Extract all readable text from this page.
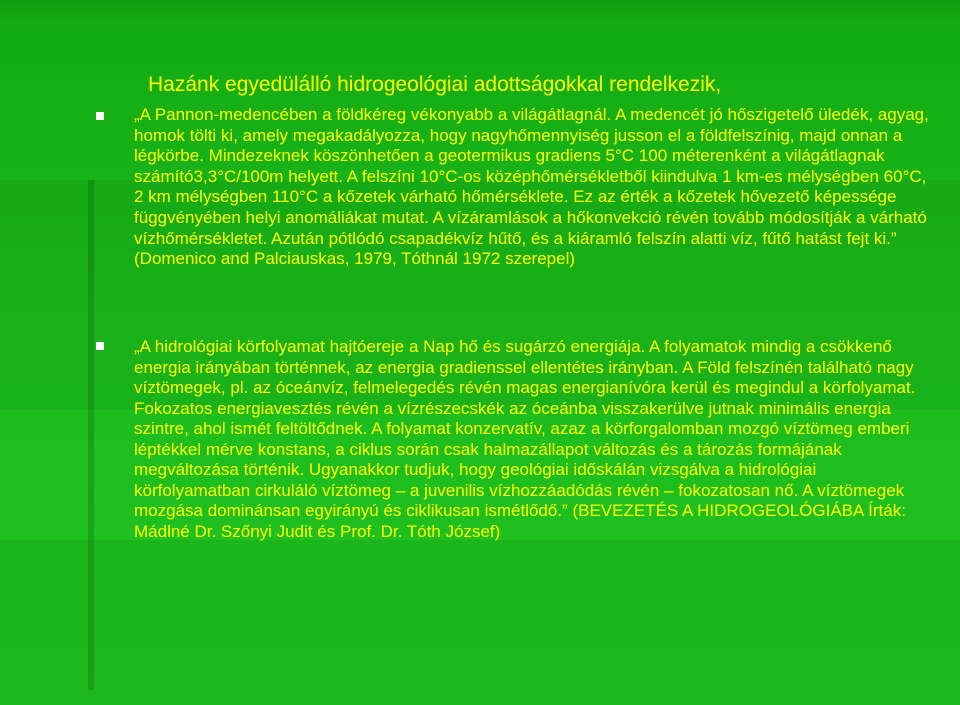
Hazánk egyedülálló hidrogeológiai adottságokkal rendelkezik,

„A Pannon-medencében a földkéreg vékonyabb a világátlagnál. A medencét jó hőszigetelő üledék, agyag, homok tölti ki, amely megakadályozza, hogy nagyhőmennyiség jusson el a földfelszínig, majd onnan a légkörbe. Mindezeknek köszönhetően a geotermikus gradiens 5°C 100 méterenként a világátlagnak számító3,3°C/100m helyett. A felszíni 10°C-os középhőmérsékletből kiindulva 1 km-es mélységben 60°C, 2 km mélységben 110°C a kőzetek várható hőmérséklete. Ez az érték a kőzetek hővezető képessége függvényében helyi anomáliákat mutat. A vízáramlások a hőkonvekció révén tovább módosítják a várható vízhőmérsékletet. Azután pótlódó csapadékvíz hűtő, és a kiáramló felszín alatti víz, fűtő hatást fejt ki.” (Domenico and Palciauskas, 1979, Tóthnál 1972 szerepel)

„A hidrológiai körfolyamat hajtóereje a Nap hő és sugárzó energiája. A folyamatok mindig a csökkenő energia irányában történnek, az energia gradienssel ellentétes irányban. A Föld felszínén található nagy víztömegek, pl. az óceánvíz, felmelegedés révén magas energianívóra kerül és megindul a körfolyamat. Fokozatos energiavesztés révén a vízrészecskék az óceánba visszakerülve jutnak minimális energia szintre, ahol ismét feltöltődnek. A folyamat konzervatív, azaz a körforgalomban mozgó víztömeg emberi léptékkel mérve konstans, a ciklus során csak halmazállapot változás és a tározás formájának megváltozása történik. Ugyanakkor tudjuk, hogy geológiai időskálán vizsgálva a hidrológiai körfolyamatban cirkuláló víztömeg – a juvenilis vízhozzáadódás révén – fokozatosan nő. A víztömegek mozgása dominánsan egyirányú és ciklikusan ismétlődő.” (BEVEZETÉS A HIDROGEOLÓGIÁBA Írták: Mádlné Dr. Szőnyi Judit és Prof. Dr. Tóth József)
